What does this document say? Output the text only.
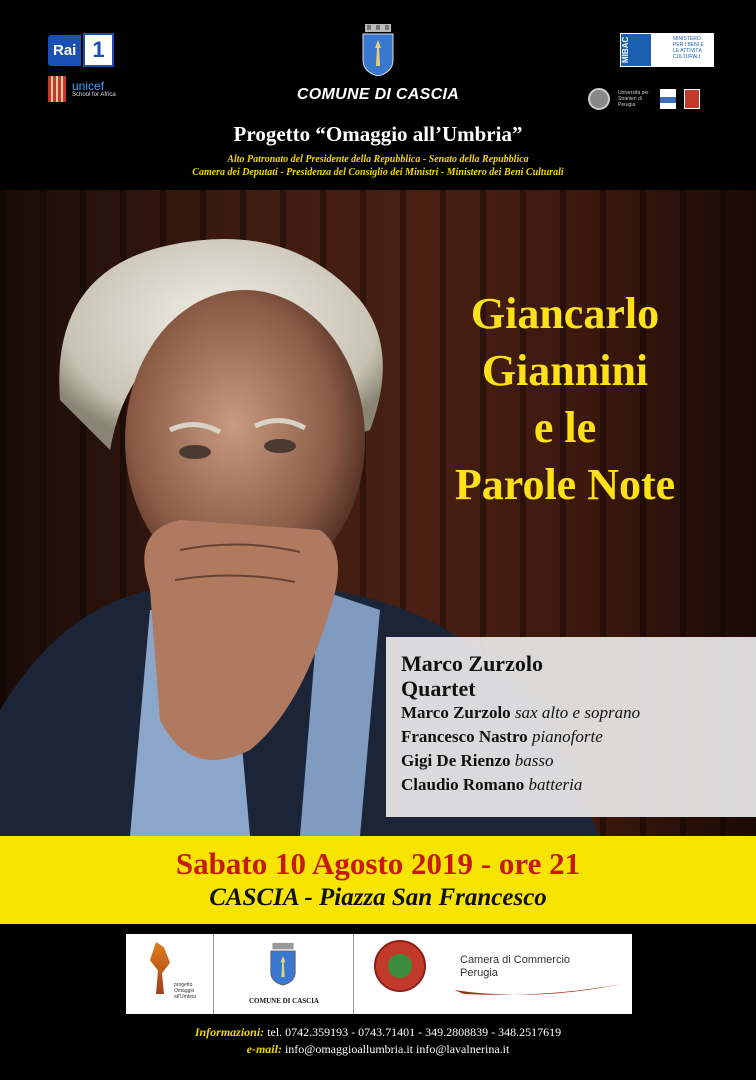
Rai 1
unicef
School for Africa	COMUNE DI CASCIA
MIBAC	MINISTERO PER I BENI E LE ATTIVITÀ CULTURALI
Università per Stranieri di Perugia
Progetto “Omaggio all’Umbria”
Alto Patronato del Presidente della Repubblica - Senato della Repubblica
Camera dei Deputati - Presidenza del Consiglio dei Ministri - Ministero dei Beni Culturali
Giancarlo
Giannini
e le
Parole Note
Marco Zurzolo
Quartet
Marco Zurzolo sax alto e soprano
Francesco Nastro pianoforte
Gigi De Rienzo basso
Claudio Romano batteria
Sabato 10 Agosto 2019 - ore 21
CASCIA - Piazza San Francesco
progetto Omaggio all'Umbria	COMUNE DI CASCIA
Camera di Commercio
Perugia
Informazioni: tel. 0742.359193 - 0743.71401 - 349.2808839 - 348.2517619
e-mail: info@omaggioallumbria.it info@lavalnerina.it
